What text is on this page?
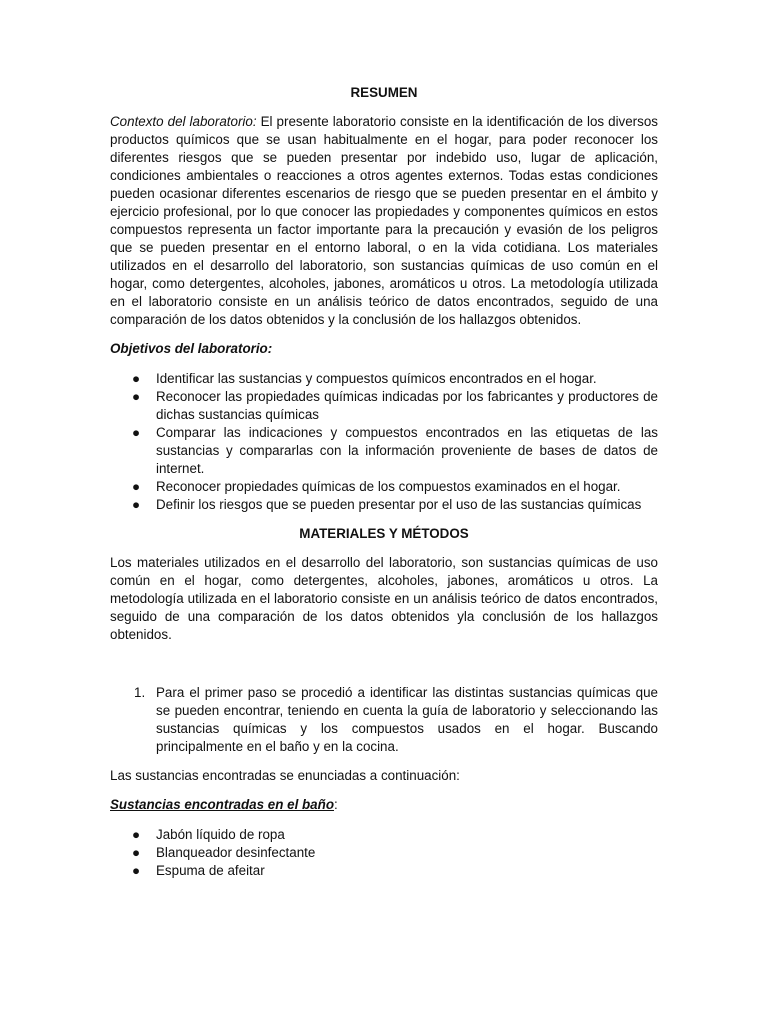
RESUMEN

Contexto del laboratorio: El presente laboratorio consiste en la identificación de los diversos productos químicos que se usan habitualmente en el hogar, para poder reconocer los diferentes riesgos que se pueden presentar por indebido uso, lugar de aplicación, condiciones ambientales o reacciones a otros agentes externos. Todas estas condiciones pueden ocasionar diferentes escenarios de riesgo que se pueden presentar en el ámbito y ejercicio profesional, por lo que conocer las propiedades y componentes químicos en estos compuestos representa un factor importante para la precaución y evasión de los peligros que se pueden presentar en el entorno laboral, o en la vida cotidiana. Los materiales utilizados en el desarrollo del laboratorio, son sustancias químicas de uso común en el hogar, como detergentes, alcoholes, jabones, aromáticos u otros. La metodología utilizada en el laboratorio consiste en un análisis teórico de datos encontrados, seguido de una comparación de los datos obtenidos y la conclusión de los hallazgos obtenidos.

Objetivos del laboratorio:

● Identificar las sustancias y compuestos químicos encontrados en el hogar.
● Reconocer las propiedades químicas indicadas por los fabricantes y productores de dichas sustancias químicas
● Comparar las indicaciones y compuestos encontrados en las etiquetas de las sustancias y compararlas con la información proveniente de bases de datos de internet.
● Reconocer propiedades químicas de los compuestos examinados en el hogar.
● Definir los riesgos que se pueden presentar por el uso de las sustancias químicas

MATERIALES Y MÉTODOS

Los materiales utilizados en el desarrollo del laboratorio, son sustancias químicas de uso común en el hogar, como detergentes, alcoholes, jabones, aromáticos u otros. La metodología utilizada en el laboratorio consiste en un análisis teórico de datos encontrados, seguido de una comparación de los datos obtenidos yla conclusión de los hallazgos obtenidos.

1. Para el primer paso se procedió a identificar las distintas sustancias químicas que se pueden encontrar, teniendo en cuenta la guía de laboratorio y seleccionando las sustancias químicas y los compuestos usados en el hogar. Buscando principalmente en el baño y en la cocina.

Las sustancias encontradas se enunciadas a continuación:

Sustancias encontradas en el baño:

● Jabón líquido de ropa
● Blanqueador desinfectante
● Espuma de afeitar
